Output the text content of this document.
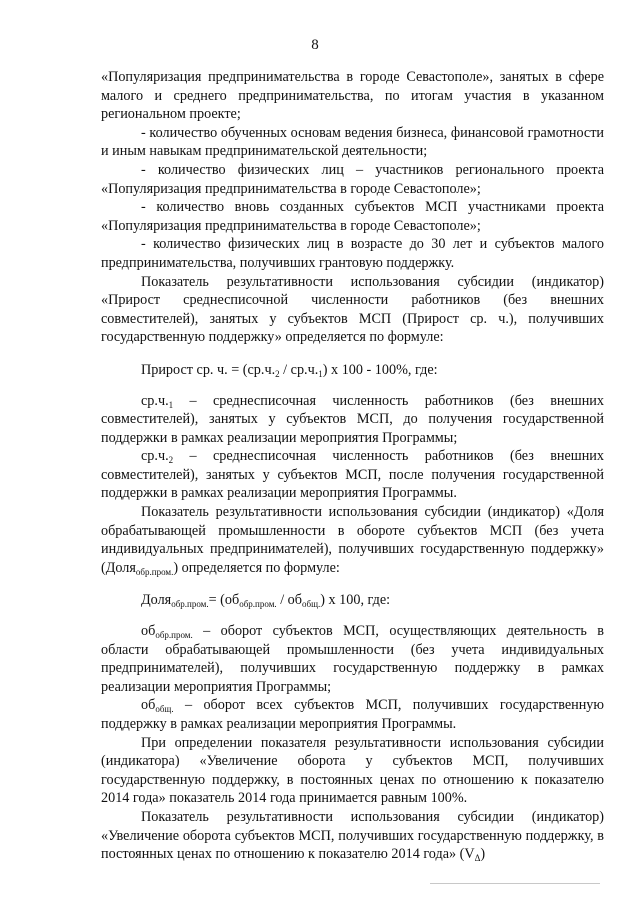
8

«Популяризация предпринимательства в городе Севастополе», занятых в сфере малого и среднего предпринимательства, по итогам участия в указанном региональном проекте;

- количество обученных основам ведения бизнеса, финансовой грамотности и иным навыкам предпринимательской деятельности;

- количество физических лиц – участников регионального проекта «Популяризация предпринимательства в городе Севастополе»;

- количество вновь созданных субъектов МСП участниками проекта «Популяризация предпринимательства в городе Севастополе»;

- количество физических лиц в возрасте до 30 лет и субъектов малого предпринимательства, получивших грантовую поддержку.

Показатель результативности использования субсидии (индикатор) «Прирост среднесписочной численности работников (без внешних совместителей), занятых у субъектов МСП (Прирост ср. ч.), получивших государственную поддержку» определяется по формуле:

Прирост ср. ч. = $(ср.ч._2 / ср.ч._1)$ х 100 - 100%, где:

$ср.ч._1$ – среднесписочная численность работников (без внешних совместителей), занятых у субъектов МСП, до получения государственной поддержки в рамках реализации мероприятия Программы;

$ср.ч._2$ – среднесписочная численность работников (без внешних совместителей), занятых у субъектов МСП, после получения государственной поддержки в рамках реализации мероприятия Программы.

Показатель результативности использования субсидии (индикатор) «Доля обрабатывающей промышленности в обороте субъектов МСП (без учета индивидуальных предпринимателей), получивших государственную поддержку» (Доля$_{обр.пром.}$) определяется по формуле:

Доля$_{обр.пром.}$= $(об_{обр.пром.} / об_{общ.})$ х 100, где:

$об_{обр.пром.}$ – оборот субъектов МСП, осуществляющих деятельность в области обрабатывающей промышленности (без учета индивидуальных предпринимателей), получивших государственную поддержку в рамках реализации мероприятия Программы;

$об_{общ.}$ – оборот всех субъектов МСП, получивших государственную поддержку в рамках реализации мероприятия Программы.

При определении показателя результативности использования субсидии (индикатора) «Увеличение оборота у субъектов МСП, получивших государственную поддержку, в постоянных ценах по отношению к показателю 2014 года» показатель 2014 года принимается равным 100%.

Показатель результативности использования субсидии (индикатор) «Увеличение оборота субъектов МСП, получивших государственную поддержку, в постоянных ценах по отношению к показателю 2014 года» $(V_\Delta)$
